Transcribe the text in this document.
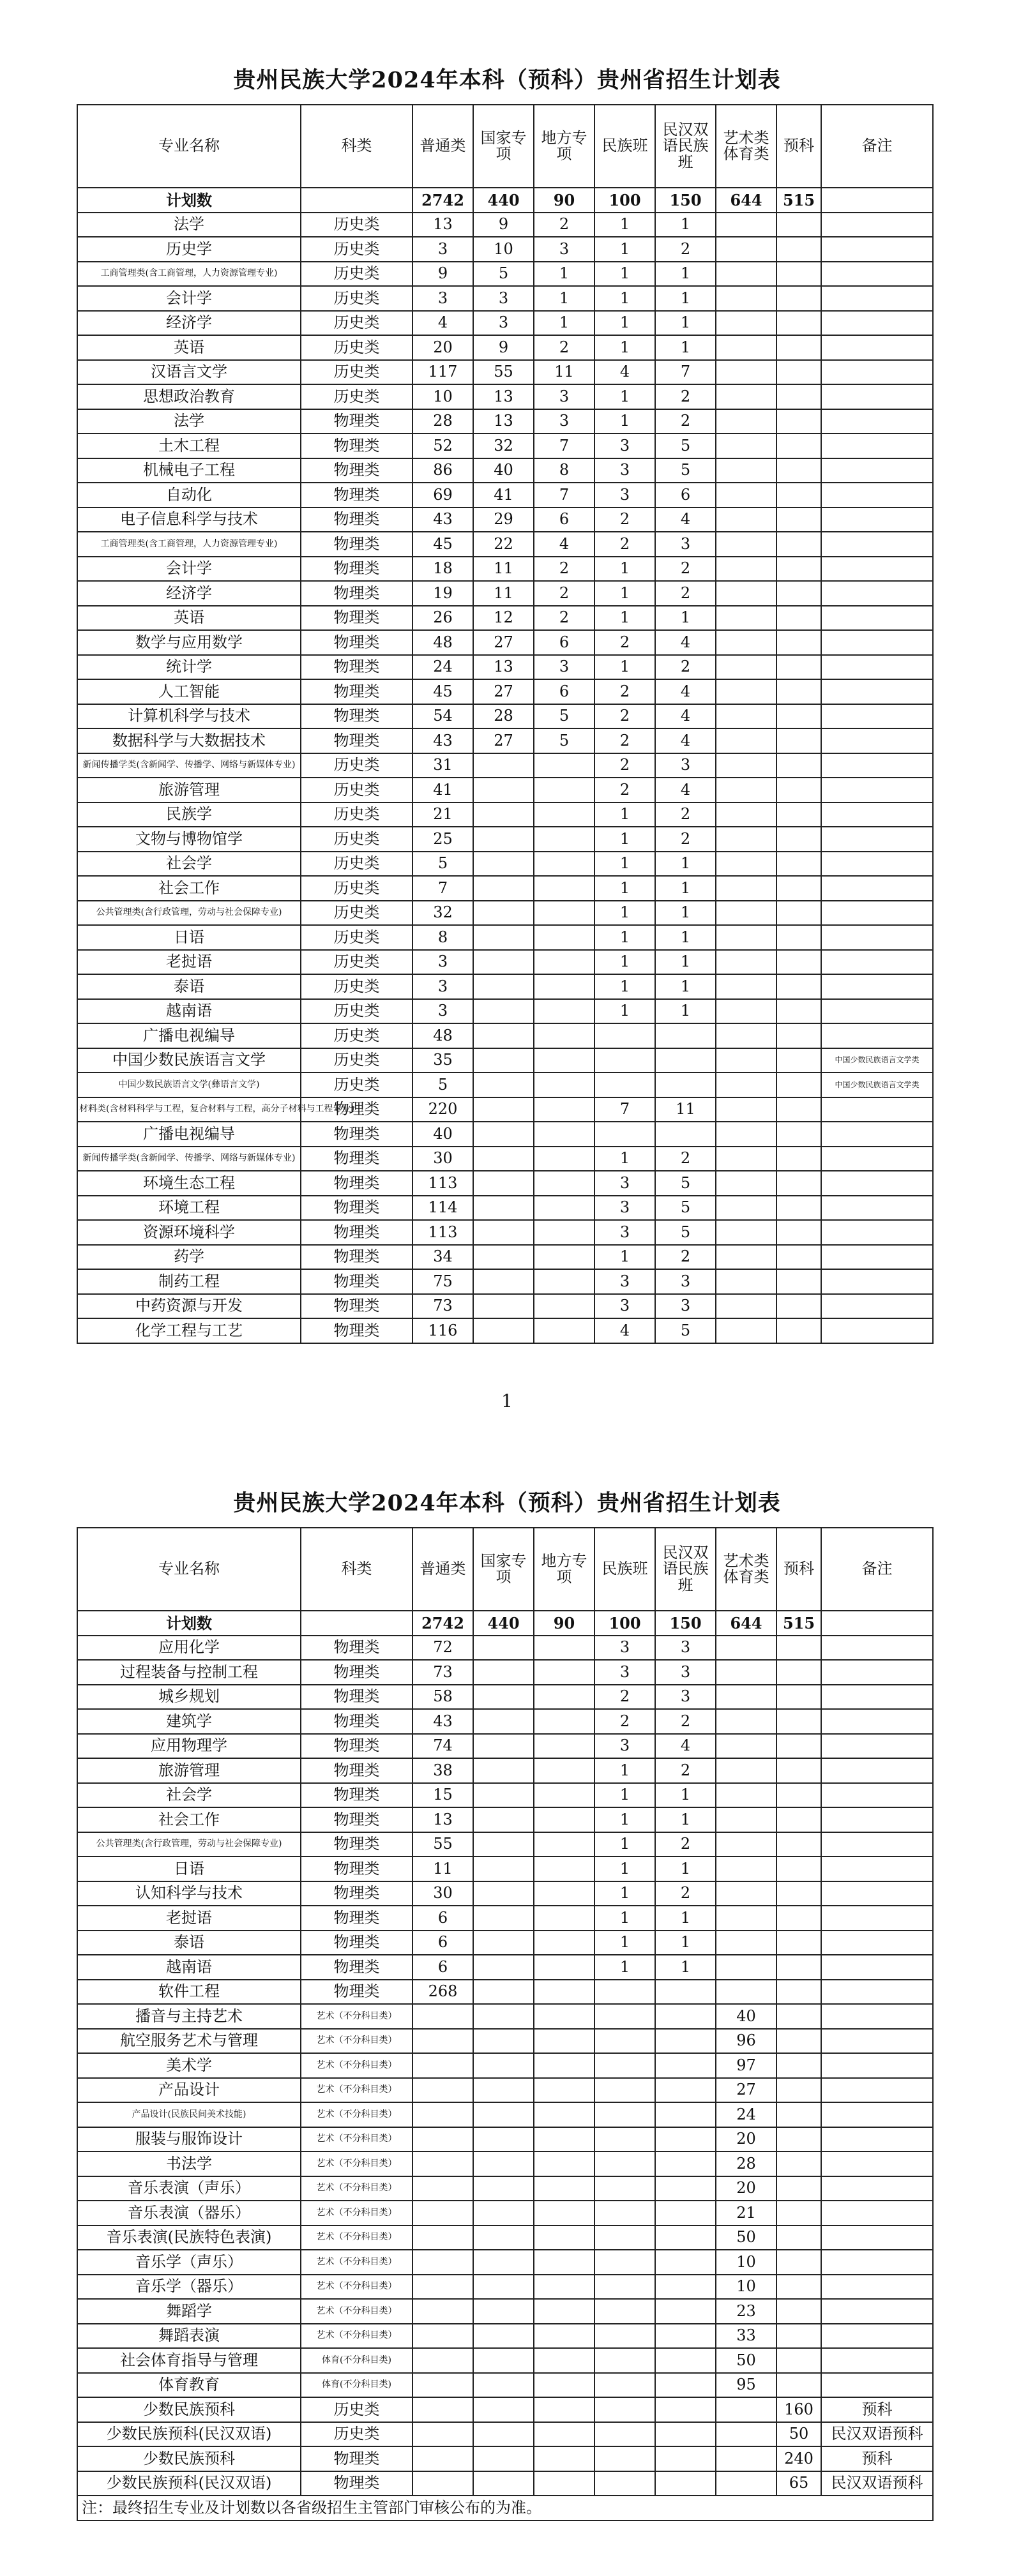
贵州民族大学2024年本科（预科）贵州省招生计划表
专业名称	科类	普通类	国家专项	地方专项	民族班	民汉双语民族班	艺术类体育类	预科	备注
计划数		2742	440	90	100	150	644	515	
法学	历史类	13	9	2	1	1			
历史学	历史类	3	10	3	1	2			
工商管理类(含工商管理，人力资源管理专业)	历史类	9	5	1	1	1			
会计学	历史类	3	3	1	1	1			
经济学	历史类	4	3	1	1	1			
英语	历史类	20	9	2	1	1			
汉语言文学	历史类	117	55	11	4	7			
思想政治教育	历史类	10	13	3	1	2			
法学	物理类	28	13	3	1	2			
土木工程	物理类	52	32	7	3	5			
机械电子工程	物理类	86	40	8	3	5			
自动化	物理类	69	41	7	3	6			
电子信息科学与技术	物理类	43	29	6	2	4			
工商管理类(含工商管理，人力资源管理专业)	物理类	45	22	4	2	3			
会计学	物理类	18	11	2	1	2			
经济学	物理类	19	11	2	1	2			
英语	物理类	26	12	2	1	1			
数学与应用数学	物理类	48	27	6	2	4			
统计学	物理类	24	13	3	1	2			
人工智能	物理类	45	27	6	2	4			
计算机科学与技术	物理类	54	28	5	2	4			
数据科学与大数据技术	物理类	43	27	5	2	4			
新闻传播学类(含新闻学、传播学、网络与新媒体专业)	历史类	31			2	3			
旅游管理	历史类	41			2	4			
民族学	历史类	21			1	2			
文物与博物馆学	历史类	25			1	2			
社会学	历史类	5			1	1			
社会工作	历史类	7			1	1			
公共管理类(含行政管理，劳动与社会保障专业)	历史类	32			1	1			
日语	历史类	8			1	1			
老挝语	历史类	3			1	1			
泰语	历史类	3			1	1			
越南语	历史类	3			1	1			
广播电视编导	历史类	48							
中国少数民族语言文学	历史类	35							中国少数民族语言文学类
中国少数民族语言文学(彝语言文学)	历史类	5							中国少数民族语言文学类
材料类(含材料科学与工程，复合材料与工程，高分子材料与工程专业)	物理类	220			7	11			
广播电视编导	物理类	40							
新闻传播学类(含新闻学、传播学、网络与新媒体专业)	物理类	30			1	2			
环境生态工程	物理类	113			3	5			
环境工程	物理类	114			3	5			
资源环境科学	物理类	113			3	5			
药学	物理类	34			1	2			
制药工程	物理类	75			3	3			
中药资源与开发	物理类	73			3	3			
化学工程与工艺	物理类	116			4	5			
1
贵州民族大学2024年本科（预科）贵州省招生计划表
专业名称	科类	普通类	国家专项	地方专项	民族班	民汉双语民族班	艺术类体育类	预科	备注
计划数		2742	440	90	100	150	644	515	
应用化学	物理类	72			3	3			
过程装备与控制工程	物理类	73			3	3			
城乡规划	物理类	58			2	3			
建筑学	物理类	43			2	2			
应用物理学	物理类	74			3	4			
旅游管理	物理类	38			1	2			
社会学	物理类	15			1	1			
社会工作	物理类	13			1	1			
公共管理类(含行政管理，劳动与社会保障专业)	物理类	55			1	2			
日语	物理类	11			1	1			
认知科学与技术	物理类	30			1	2			
老挝语	物理类	6			1	1			
泰语	物理类	6			1	1			
越南语	物理类	6			1	1			
软件工程	物理类	268							
播音与主持艺术	艺术（不分科目类）						40		
航空服务艺术与管理	艺术（不分科目类）						96		
美术学	艺术（不分科目类）						97		
产品设计	艺术（不分科目类）						27		
产品设计(民族民间美术技能)	艺术（不分科目类）						24		
服装与服饰设计	艺术（不分科目类）						20		
书法学	艺术（不分科目类）						28		
音乐表演（声乐）	艺术（不分科目类）						20		
音乐表演（器乐）	艺术（不分科目类）						21		
音乐表演(民族特色表演)	艺术（不分科目类）						50		
音乐学（声乐）	艺术（不分科目类）						10		
音乐学（器乐）	艺术（不分科目类）						10		
舞蹈学	艺术（不分科目类）						23		
舞蹈表演	艺术（不分科目类）						33		
社会体育指导与管理	体育(不分科目类)						50		
体育教育	体育(不分科目类)						95		
少数民族预科	历史类							160	预科
少数民族预科(民汉双语)	历史类							50	民汉双语预科
少数民族预科	物理类							240	预科
少数民族预科(民汉双语)	物理类							65	民汉双语预科
注：最终招生专业及计划数以各省级招生主管部门审核公布的为准。									
